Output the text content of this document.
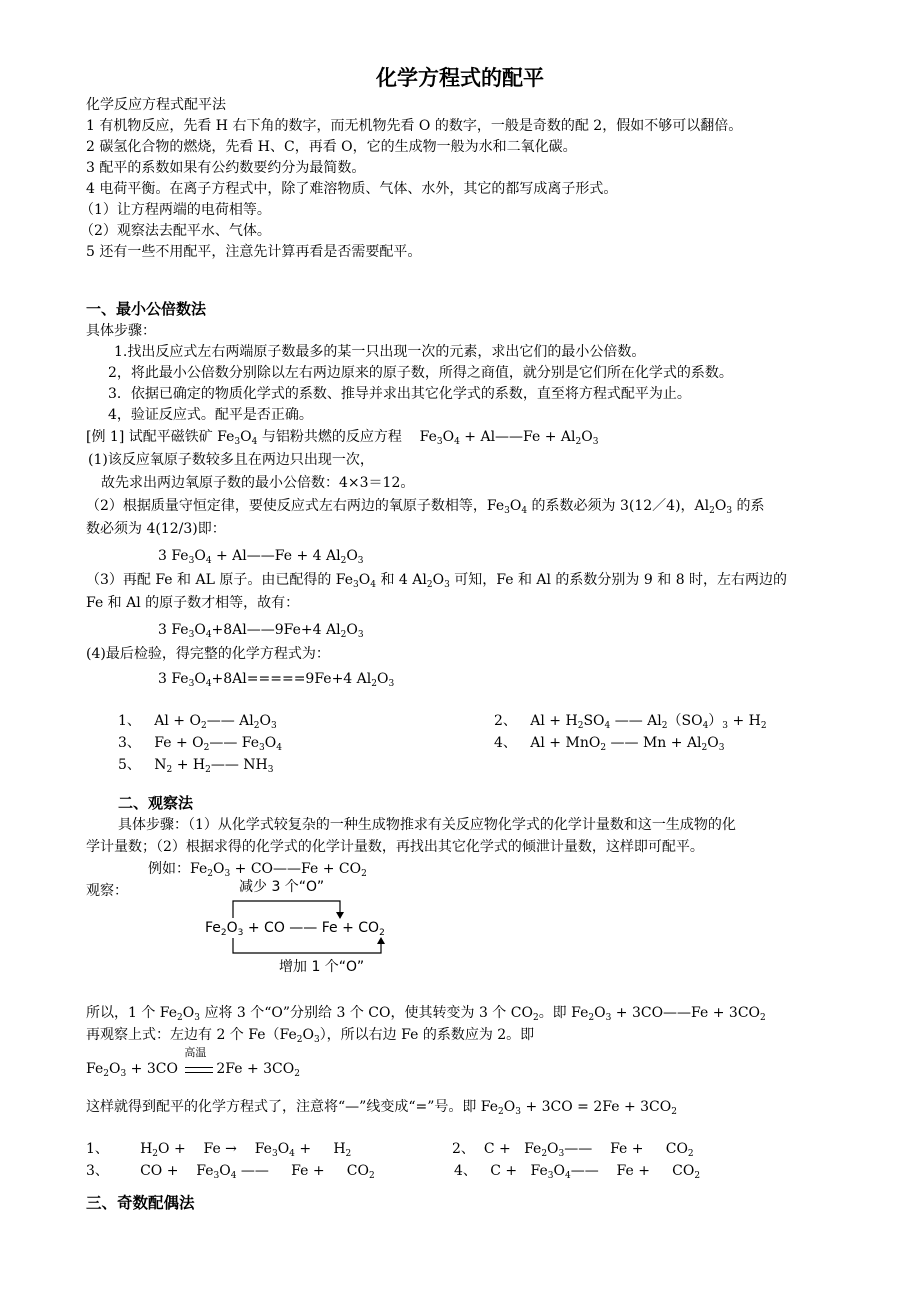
化学方程式的配平
化学反应方程式配平法
1 有机物反应，先看 H 右下角的数字，而无机物先看 O 的数字，一般是奇数的配 2，假如不够可以翻倍。
2 碳氢化合物的燃烧，先看 H、C，再看 O，它的生成物一般为水和二氧化碳。
3 配平的系数如果有公约数要约分为最简数。
4 电荷平衡。在离子方程式中，除了难溶物质、气体、水外，其它的都写成离子形式。
（1）让方程两端的电荷相等。
（2）观察法去配平水、气体。
5 还有一些不用配平，注意先计算再看是否需要配平。
一、最小公倍数法
具体步骤：
1.找出反应式左右两端原子数最多的某一只出现一次的元素，求出它们的最小公倍数。
2，将此最小公倍数分别除以左右两边原来的原子数，所得之商值，就分别是它们所在化学式的系数。
3．依据已确定的物质化学式的系数、推导并求出其它化学式的系数，直至将方程式配平为止。
4，验证反应式。配平是否正确。
[例 1] 试配平磁铁矿 $Fe_3O_4$ 与铝粉共燃的反应方程    $Fe_3O_4$ + Al——Fe + $Al_2O_3$
(1)该反应氧原子数较多且在两边只出现一次，
故先求出两边氧原子数的最小公倍数：4×3＝12。
（2）根据质量守恒定律，要使反应式左右两边的氧原子数相等，$Fe_3O_4$ 的系数必须为 3(12／4)，$Al_2O_3$ 的系
数必须为 4(12/3)即：
3 $Fe_3O_4$ + Al——Fe + 4 $Al_2O_3$
（3）再配 Fe 和 AL 原子。由已配得的 $Fe_3O_4$ 和 4 $Al_2O_3$ 可知，Fe 和 Al 的系数分别为 9 和 8 时，左右两边的
Fe 和 Al 的原子数才相等，故有：
3 $Fe_3O_4+8Al——9Fe+4$ $Al_2O_3$
(4)最后检验，得完整的化学方程式为：
3 $Fe_3O_4+8Al=====9Fe+4$ $Al_2O_3$
1、   $Al + O_2——$ $Al_2O_3$	2、   $Al + H_2SO_4$ —— $Al_2(SO_4)_3 + H_2$
3、   $Fe + O_2——$ $Fe_3O_4$	4、   Al + MnO$_2$ —— $Mn + Al_2O_3$
5、   $N_2$ + $H_2——$ $NH_3$
二、观察法
具体步骤：（1）从化学式较复杂的一种生成物推求有关反应物化学式的化学计量数和这一生成物的化
学计量数；（2）根据求得的化学式的化学计量数，再找出其它化学式的倾泄计量数，这样即可配平。
例如：$Fe_2O_3$ + CO——Fe + $CO_2$
观察：	减少 3 个“O”
$Fe_2O_3$ + CO —— $Fe + CO_2$
增加 1 个“O”
所以，1 个 $Fe_2O_3$ 应将 3 个“O”分别给 3 个 CO，使其转变为 3 个 $CO_2$。即 $Fe_2O_3$ + 3CO——Fe + $3CO_2$
再观察上式：左边有 2 个 $Fe(Fe_2O_3)$，所以右边 Fe 的系数应为 2。即
$Fe_2O_3 + 3CO$
高温
$2Fe + 3CO_2$
这样就得到配平的化学方程式了，注意将“—”线变成“=”号。即 $Fe_2O_3 + 3CO = 2Fe + 3CO_2$
1、       $H_2O$ +    Fe →    $Fe_3O_4$ +     $H_2$	2、  $C + Fe_2O_3——$    Fe +     $CO_2$
3、       CO +    $Fe_3O_4$ ——     Fe +     $CO_2$	4、   $C + Fe_3O_4——$    Fe +     $CO_2$
三、奇数配偶法
